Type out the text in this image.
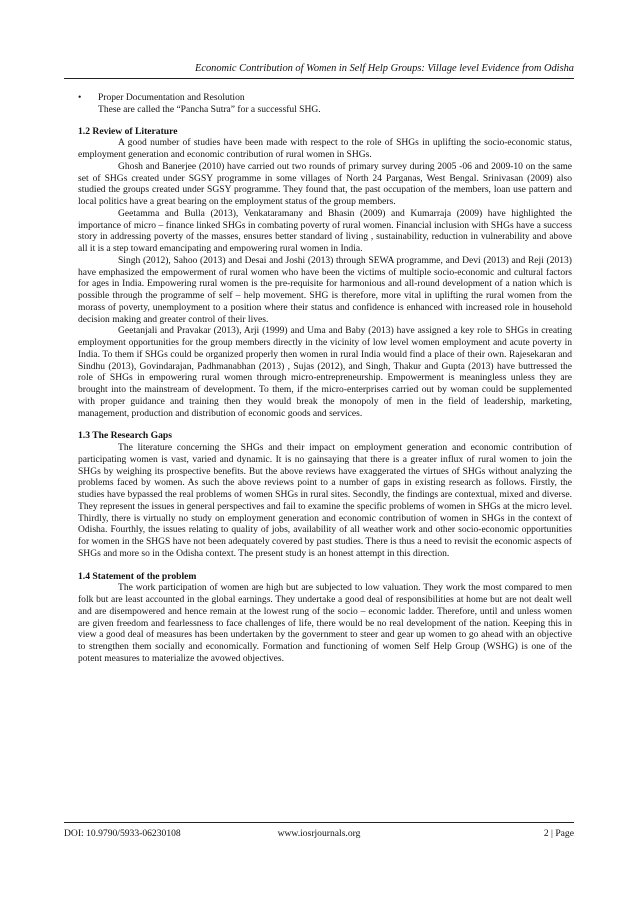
Economic Contribution of Women in Self Help Groups: Village level Evidence from Odisha
• Proper Documentation and Resolution
These are called the “Pancha Sutra” for a successful SHG.
1.2 Review of Literature

A good number of studies have been made with respect to the role of SHGs in uplifting the socio-economic status, employment generation and economic contribution of rural women in SHGs.

Ghosh and Banerjee (2010) have carried out two rounds of primary survey during 2005 -06 and 2009-10 on the same set of SHGs created under SGSY programme in some villages of North 24 Parganas, West Bengal. Srinivasan (2009) also studied the groups created under SGSY programme. They found that, the past occupation of the members, loan use pattern and local politics have a great bearing on the employment status of the group members.

Geetamma and Bulla (2013), Venkataramany and Bhasin (2009) and Kumarraja (2009) have highlighted the importance of micro – finance linked SHGs in combating poverty of rural women. Financial inclusion with SHGs have a success story in addressing poverty of the masses, ensures better standard of living , sustainability, reduction in vulnerability and above all it is a step toward emancipating and empowering rural women in India.

Singh (2012), Sahoo (2013) and Desai and Joshi (2013) through SEWA programme, and Devi (2013) and Reji (2013) have emphasized the empowerment of rural women who have been the victims of multiple socio-economic and cultural factors for ages in India. Empowering rural women is the pre-requisite for harmonious and all-round development of a nation which is possible through the programme of self – help movement. SHG is therefore, more vital in uplifting the rural women from the morass of poverty, unemployment to a position where their status and confidence is enhanced with increased role in household decision making and greater control of their lives.

Geetanjali and Pravakar (2013), Arji (1999) and Uma and Baby (2013) have assigned a key role to SHGs in creating employment opportunities for the group members directly in the vicinity of low level women employment and acute poverty in India. To them if SHGs could be organized properly then women in rural India would find a place of their own. Rajesekaran and Sindhu (2013), Govindarajan, Padhmanabhan (2013) , Sujas (2012), and Singh, Thakur and Gupta (2013) have buttressed the role of SHGs in empowering rural women through micro-entrepreneurship. Empowerment is meaningless unless they are brought into the mainstream of development. To them, if the micro-enterprises carried out by woman could be supplemented with proper guidance and training then they would break the monopoly of men in the field of leadership, marketing, management, production and distribution of economic goods and services.

1.3 The Research Gaps

The literature concerning the SHGs and their impact on employment generation and economic contribution of participating women is vast, varied and dynamic. It is no gainsaying that there is a greater influx of rural women to join the SHGs by weighing its prospective benefits. But the above reviews have exaggerated the virtues of SHGs without analyzing the problems faced by women. As such the above reviews point to a number of gaps in existing research as follows. Firstly, the studies have bypassed the real problems of women SHGs in rural sites. Secondly, the findings are contextual, mixed and diverse. They represent the issues in general perspectives and fail to examine the specific problems of women in SHGs at the micro level. Thirdly, there is virtually no study on employment generation and economic contribution of women in SHGs in the context of Odisha. Fourthly, the issues relating to quality of jobs, availability of all weather work and other socio-economic opportunities for women in the SHGS have not been adequately covered by past studies. There is thus a need to revisit the economic aspects of SHGs and more so in the Odisha context. The present study is an honest attempt in this direction.

1.4 Statement of the problem

The work participation of women are high but are subjected to low valuation. They work the most compared to men folk but are least accounted in the global earnings. They undertake a good deal of responsibilities at home but are not dealt well and are disempowered and hence remain at the lowest rung of the socio – economic ladder. Therefore, until and unless women are given freedom and fearlessness to face challenges of life, there would be no real development of the nation. Keeping this in view a good deal of measures has been undertaken by the government to steer and gear up women to go ahead with an objective to strengthen them socially and economically. Formation and functioning of women Self Help Group (WSHG) is one of the potent measures to materialize the avowed objectives.

DOI: 10.9790/5933-06230108	www.iosrjournals.org	2 | Page
